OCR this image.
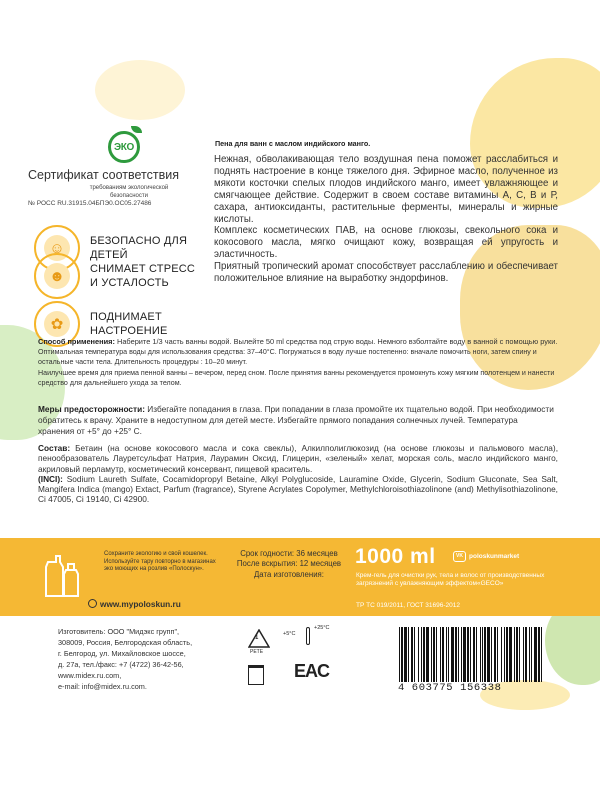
ЭКО
Сертификат соответствия
требованиям экологической безопасности
№ РОСС RU.31915.04БПЭ0.ОС05.27486
☺	БЕЗОПАСНО ДЛЯ ДЕТЕЙ
☻	СНИМАЕТ СТРЕСС И УСТАЛОСТЬ
✿	ПОДНИМАЕТ НАСТРОЕНИЕ
Пена для ванн с маслом индийского манго.

Нежная, обволакивающая тело воздушная пена поможет расслабиться и поднять настроение в конце тяжелого дня. Эфирное масло, полученное из мякоти косточки спелых плодов индийского манго, имеет увлажняющее и смягчающее действие. Содержит в своем составе витамины А, С, В и Р, сахара, антиоксиданты, растительные ферменты, минералы и жирные кислоты.

Комплекс косметических ПАВ, на основе глюкозы, свекольного сока и кокосового масла, мягко очищают кожу, возвращая ей упругость и эластичность.

Приятный тропический аромат способствует расслаблению и обеспечивает положительное влияние на выработку эндорфинов.

Способ применения: Наберите 1/3 часть ванны водой. Вылейте 50 ml средства под струю воды. Немного взболтайте воду в ванной с помощью руки.
Оптимальная температура воды для использования средства: 37–40°С. Погружаться в воду лучше постепенно: вначале помочить ноги, затем спину и остальные части тела. Длительность процедуры : 10–20 минут.
Наилучшее время для приема пенной ванны – вечером, перед сном. После принятия ванны рекомендуется промокнуть кожу мягким полотенцем и нанести средство для дальнейшего ухода за телом.
Меры предосторожности: Избегайте попадания в глаза. При попадании в глаза промойте их тщательно водой. При необходимости обратитесь к врачу. Храните в недоступном для детей месте. Избегайте прямого попадания солнечных лучей. Температура хранения от +5° до +25° С.
Состав: Бетаин (на основе кокосового масла и сока свеклы), Алкилполиглюкозид (на основе глюкозы и пальмового масла), пенообразователь Лауретсульфат Натрия, Лаурамин Оксид, Глицерин, «зеленый» хелат, морская соль, масло индийского манго, акриловый перламутр, косметический консервант, пищевой краситель.
(INCI): Sodium Laureth Sulfate, Cocamidopropyl Betaine, Alkyl Polyglucoside, Lauramine Oxide, Glycerin, Sodium Gluconate, Sea Salt, Mangifera Indica (mango) Extact, Parfum (fragrance), Styrene Acrylates Copolymer, Methylchloroisothiazolinone (and) Methylisothiazolinone, Ci 47005, Ci 19140, Ci 42900.
Сохраните экологию и свой кошелек. Используйте тару повторно в магазинах эко моющих на розлив «Полоскун».
www.mypoloskun.ru
Срок годности: 36 месяцев
После вскрытия: 12 месяцев
Дата изготовления:
1000 ml	VK poloskunmarket
Крем-гель для очистки рук, тела и волос от производственных загрязнений с увлажняющим эффектом«GECO»
ТР ТС 019/2011, ГОСТ 31696-2012
Изготовитель: ООО "Мидэкс групп",
308009, Россия, Белгородская область,
г. Белгород, ул. Михайловское шоссе,
д. 27а, тел./факс: +7 (4722) 36-42-56,
www.midex.ru.com,
e-mail: info@midex.ru.com.
1
PETE
+5°С
+25°С
EAC
4 603775 156338
